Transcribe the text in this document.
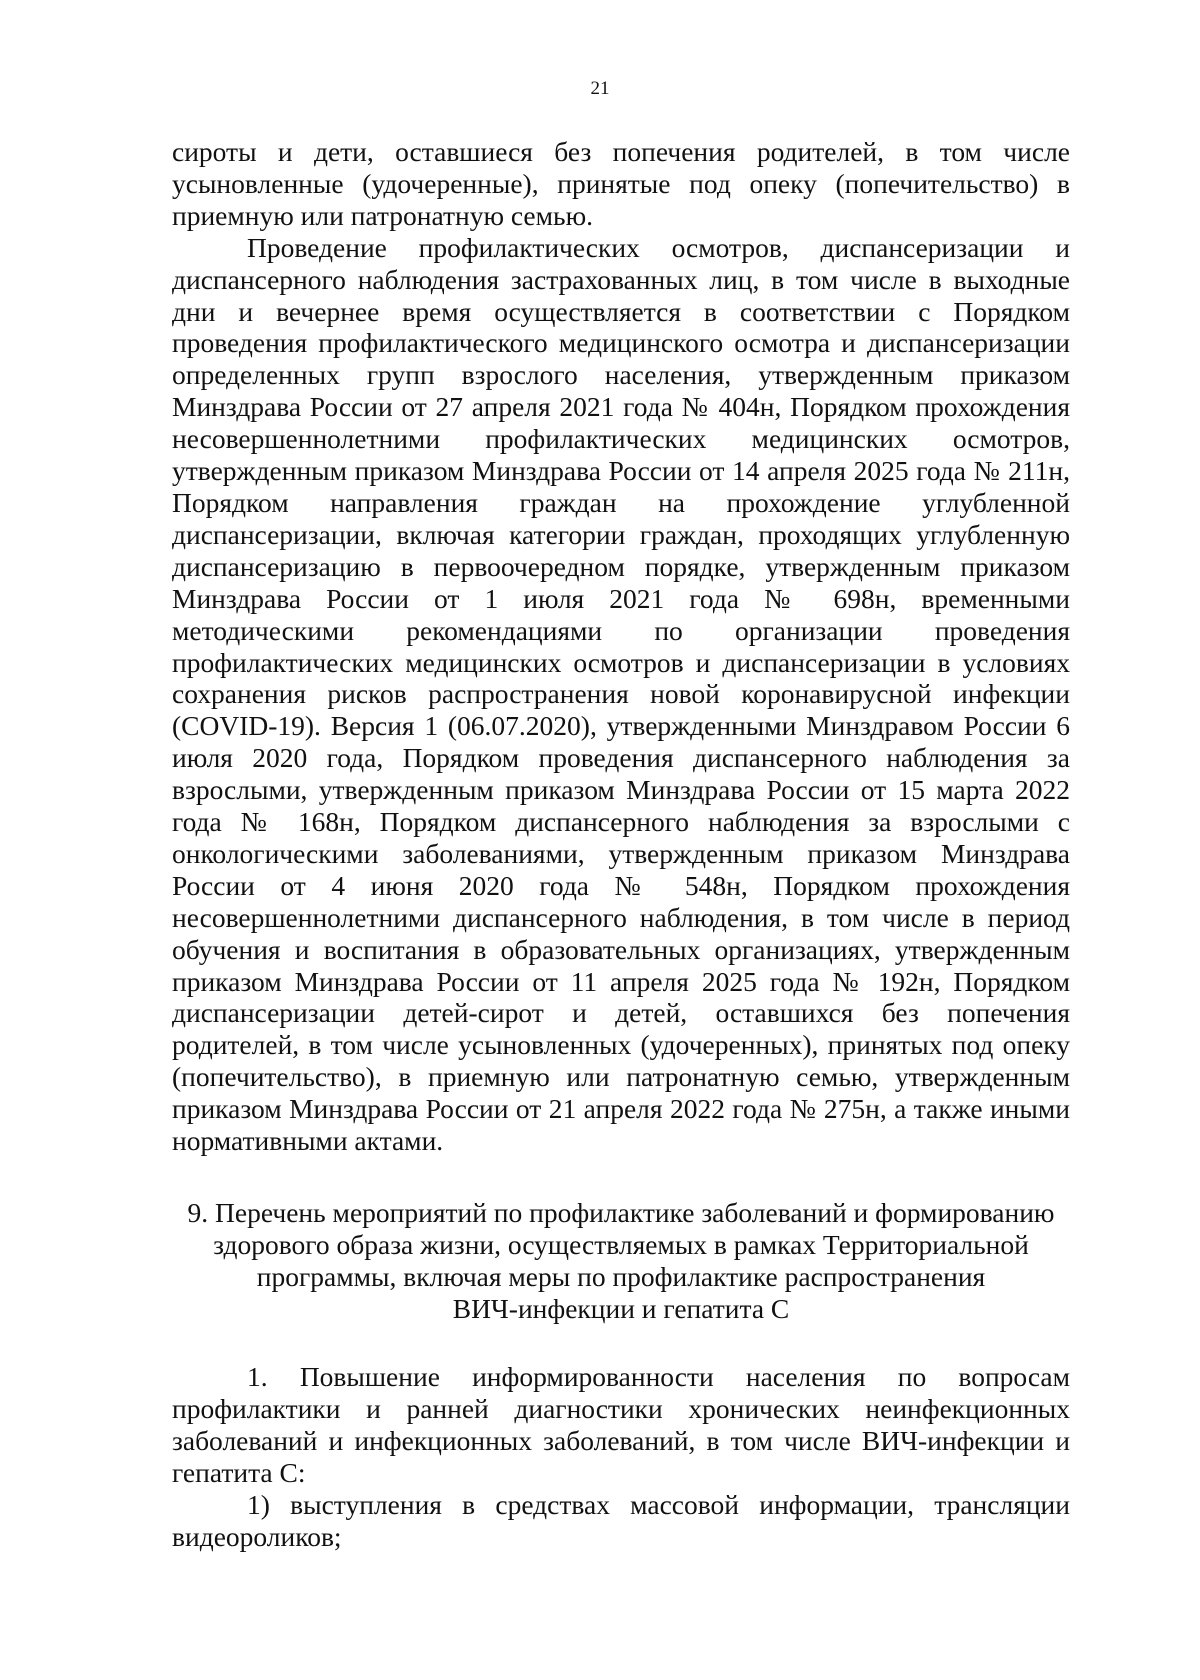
21

сироты и дети, оставшиеся без попечения родителей, в том числе усыновленные (удочеренные), принятые под опеку (попечительство) в приемную или патронатную семью.

Проведение профилактических осмотров, диспансеризации и диспансерного наблюдения застрахованных лиц, в том числе в выходные дни и вечернее время осуществляется в соответствии с Порядком проведения профилактического медицинского осмотра и диспансеризации определенных групп взрослого населения, утвержденным приказом Минздрава России от 27 апреля 2021 года № 404н, Порядком прохождения несовершеннолетними профилактических медицинских осмотров, утвержденным приказом Минздрава России от 14 апреля 2025 года № 211н, Порядком направления граждан на прохождение углубленной диспансеризации, включая категории граждан, проходящих углубленную диспансеризацию в первоочередном порядке, утвержденным приказом Минздрава России от 1 июля 2021 года № 698н, временными методическими рекомендациями по организации проведения профилактических медицинских осмотров и диспансеризации в условиях сохранения рисков распространения новой коронавирусной инфекции (COVID-19). Версия 1 (06.07.2020), утвержденными Минздравом России 6 июля 2020 года, Порядком проведения диспансерного наблюдения за взрослыми, утвержденным приказом Минздрава России от 15 марта 2022 года № 168н, Порядком диспансерного наблюдения за взрослыми с онкологическими заболеваниями, утвержденным приказом Минздрава России от 4 июня 2020 года № 548н, Порядком прохождения несовершеннолетними диспансерного наблюдения, в том числе в период обучения и воспитания в образовательных организациях, утвержденным приказом Минздрава России от 11 апреля 2025 года № 192н, Порядком диспансеризации детей-сирот и детей, оставшихся без попечения родителей, в том числе усыновленных (удочеренных), принятых под опеку (попечительство), в приемную или патронатную семью, утвержденным приказом Минздрава России от 21 апреля 2022 года № 275н, а также иными нормативными актами.

9. Перечень мероприятий по профилактике заболеваний и формированию
здорового образа жизни, осуществляемых в рамках Территориальной
программы, включая меры по профилактике распространения
ВИЧ-инфекции и гепатита С

1. Повышение информированности населения по вопросам профилактики и ранней диагностики хронических неинфекционных заболеваний и инфекционных заболеваний, в том числе ВИЧ-инфекции и гепатита С:

1) выступления в средствах массовой информации, трансляции видеороликов;
